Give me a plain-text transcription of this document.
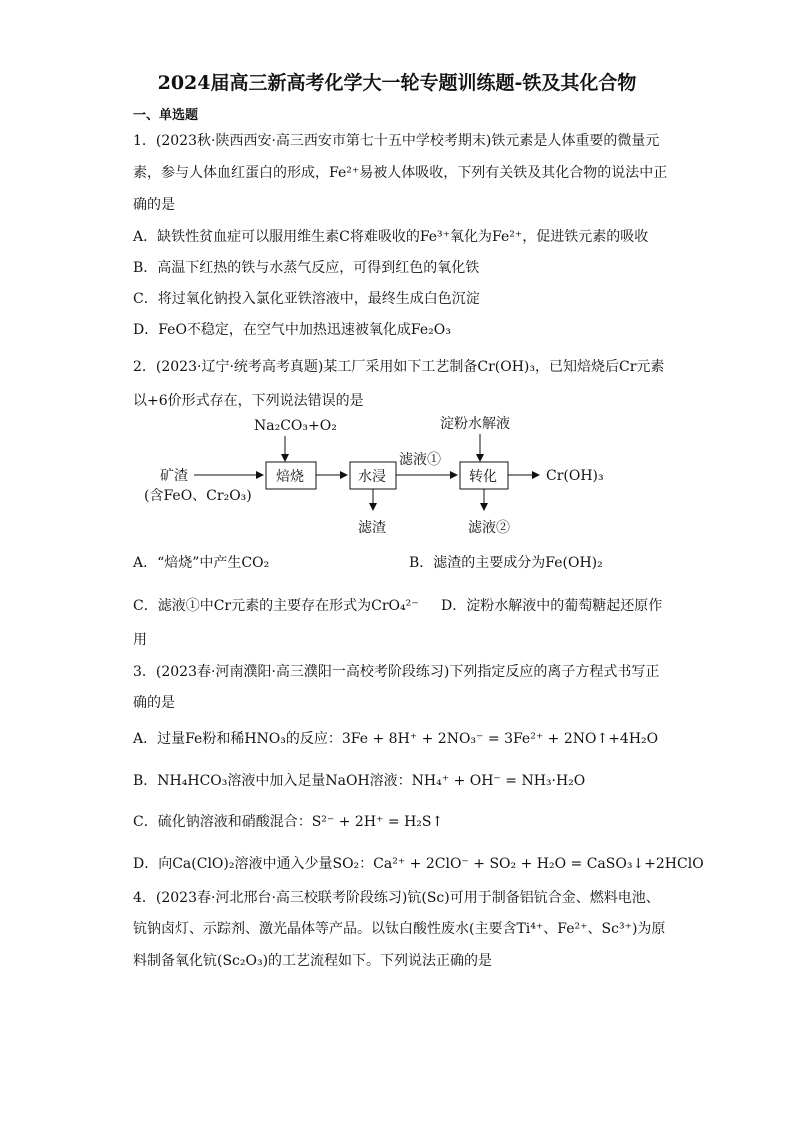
2024届高三新高考化学大一轮专题训练题-铁及其化合物
一、单选题
1．(2023秋·陕西西安·高三西安市第七十五中学校考期末)铁元素是人体重要的微量元
素，参与人体血红蛋白的形成，Fe²⁺易被人体吸收，下列有关铁及其化合物的说法中正
确的是
A．缺铁性贫血症可以服用维生素C将难吸收的Fe³⁺氧化为Fe²⁺，促进铁元素的吸收
B．高温下红热的铁与水蒸气反应，可得到红色的氧化铁
C．将过氧化钠投入氯化亚铁溶液中，最终生成白色沉淀
D．FeO不稳定，在空气中加热迅速被氧化成Fe₂O₃
2．(2023·辽宁·统考高考真题)某工厂采用如下工艺制备Cr(OH)₃，已知焙烧后Cr元素
以+6价形式存在，下列说法错误的是
Na₂CO₃+O₂	淀粉水解液
矿渣
(含FeO、Cr₂O₃)
焙烧	水浸
滤液①
转化	Cr(OH)₃
滤渣	滤液②
A．“焙烧”中产生CO₂	B．滤渣的主要成分为Fe(OH)₂
C．滤液①中Cr元素的主要存在形式为CrO₄²⁻ D．淀粉水解液中的葡萄糖起还原作
用
3．(2023春·河南濮阳·高三濮阳一高校考阶段练习)下列指定反应的离子方程式书写正
确的是
A．过量Fe粉和稀HNO₃的反应：3Fe + 8H⁺ + 2NO₃⁻ = 3Fe²⁺ + 2NO↑+4H₂O
B．NH₄HCO₃溶液中加入足量NaOH溶液：NH₄⁺ + OH⁻ = NH₃·H₂O
C．硫化钠溶液和硝酸混合：S²⁻ + 2H⁺ = H₂S↑
D．向Ca(ClO)₂溶液中通入少量SO₂：Ca²⁺ + 2ClO⁻ + SO₂ + H₂O = CaSO₃↓+2HClO
4．(2023春·河北邢台·高三校联考阶段练习)钪(Sc)可用于制备铝钪合金、燃料电池、
钪钠卤灯、示踪剂、激光晶体等产品。以钛白酸性废水(主要含Ti⁴⁺、Fe²⁺、Sc³⁺)为原
料制备氧化钪(Sc₂O₃)的工艺流程如下。下列说法正确的是
